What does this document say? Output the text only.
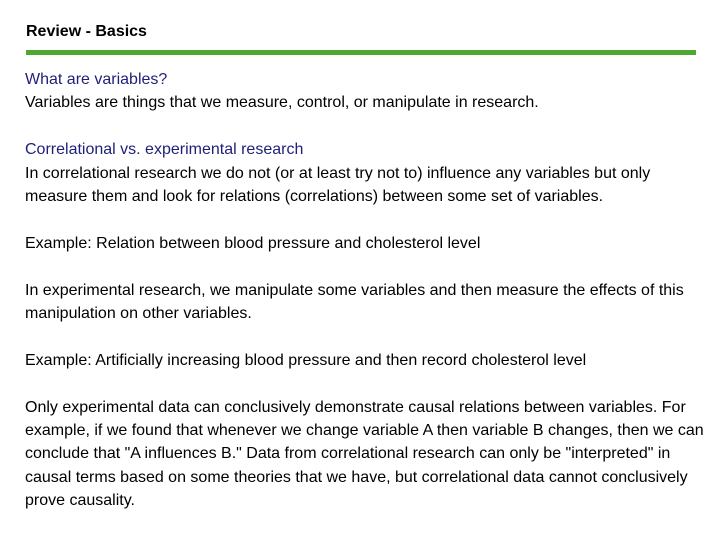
Review - Basics

What are variables?
Variables are things that we measure, control, or manipulate in research.

Correlational vs. experimental research
In correlational research we do not (or at least try not to) influence any variables but only measure them and look for relations (correlations) between some set of variables.

Example: Relation between blood pressure and cholesterol level

In experimental research, we manipulate some variables and then measure the effects of this manipulation on other variables.

Example: Artificially increasing blood pressure and then record cholesterol level

Only experimental data can conclusively demonstrate causal relations between variables. For example, if we found that whenever we change variable A then variable B changes, then we can conclude that "A influences B." Data from correlational research can only be "interpreted" in causal terms based on some theories that we have, but correlational data cannot conclusively prove causality.
